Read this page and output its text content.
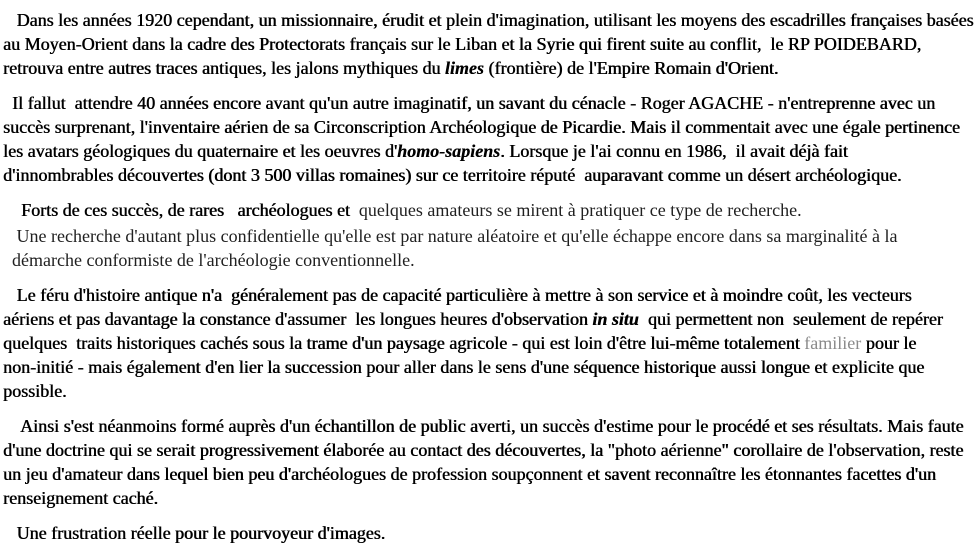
Dans les années 1920 cependant, un missionnaire, érudit et plein d'imagination, utilisant les moyens des escadrilles françaises basées
au Moyen-Orient dans la cadre des Protectorats français sur le Liban et la Syrie qui firent suite au conflit,  le RP POIDEBARD,
retrouva entre autres traces antiques, les jalons mythiques du limes (frontière) de l'Empire Romain d'Orient.
Il fallut  attendre 40 années encore avant qu'un autre imaginatif, un savant du cénacle - Roger AGACHE - n'entreprenne avec un
succès surprenant, l'inventaire aérien de sa Circonscription Archéologique de Picardie. Mais il commentait avec une égale pertinence
les avatars géologiques du quaternaire et les oeuvres d'homo-sapiens. Lorsque je l'ai connu en 1986,  il avait déjà fait
d'innombrables découvertes (dont 3 500 villas romaines) sur ce territoire réputé  auparavant comme un désert archéologique.
Forts de ces succès, de rares   archéologues et  quelques amateurs se mirent à pratiquer ce type de recherche.
Une recherche d'autant plus confidentielle qu'elle est par nature aléatoire et qu'elle échappe encore dans sa marginalité à la
démarche conformiste de l'archéologie conventionnelle.
Le féru d'histoire antique n'a  généralement pas de capacité particulière à mettre à son service et à moindre coût, les vecteurs
aériens et pas davantage la constance d'assumer  les longues heures d'observation in situ  qui permettent non  seulement de repérer
quelques  traits historiques cachés sous la trame d'un paysage agricole - qui est loin d'être lui-même totalement familier pour le
non-initié - mais également d'en lier la succession pour aller dans le sens d'une séquence historique aussi longue et explicite que
possible.
Ainsi s'est néanmoins formé auprès d'un échantillon de public averti, un succès d'estime pour le procédé et ses résultats. Mais faute
d'une doctrine qui se serait progressivement élaborée au contact des découvertes, la "photo aérienne" corollaire de l'observation, reste
un jeu d'amateur dans lequel bien peu d'archéologues de profession soupçonnent et savent reconnaître les étonnantes facettes d'un
renseignement caché.
Une frustration réelle pour le pourvoyeur d'images.
